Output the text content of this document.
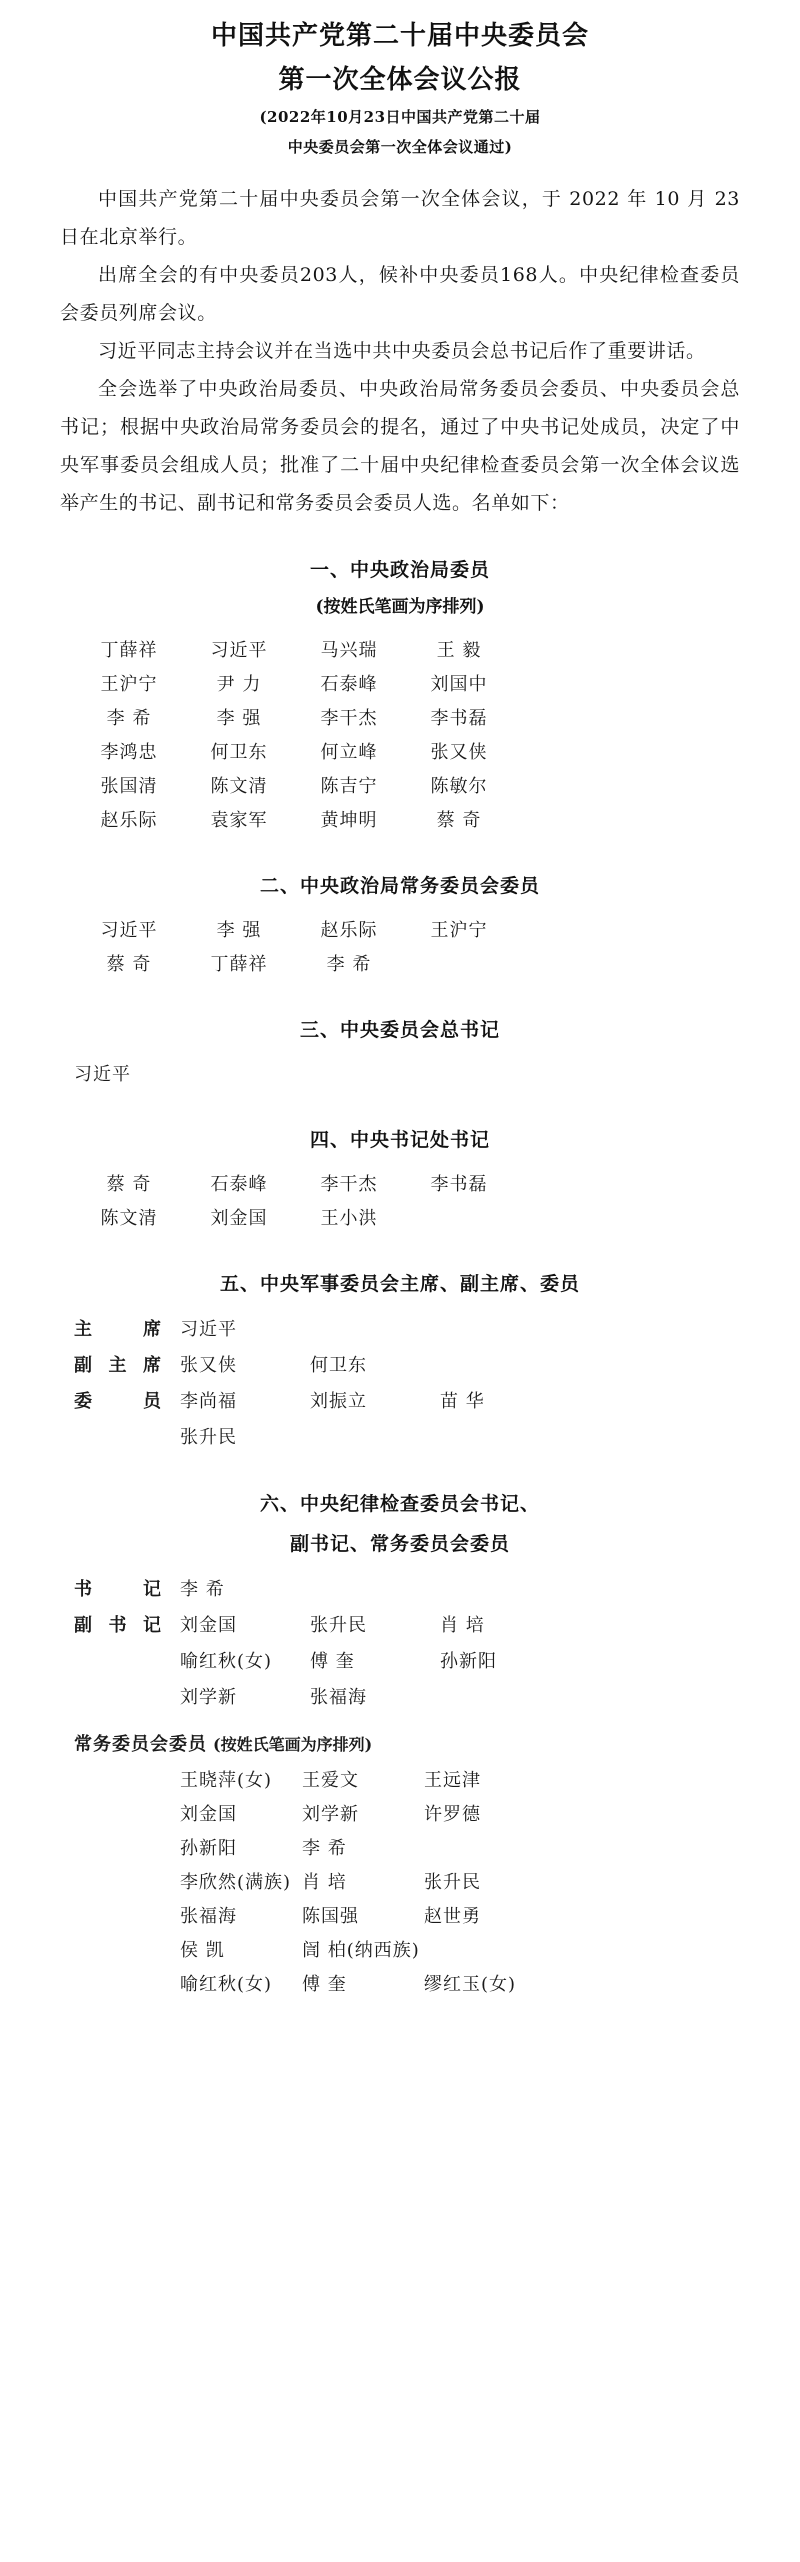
中国共产党第二十届中央委员会
第一次全体会议公报
(2022年10月23日中国共产党第二十届
中央委员会第一次全体会议通过)

中国共产党第二十届中央委员会第一次全体会议，于 2022 年 10 月 23 日在北京举行。

出席全会的有中央委员203人，候补中央委员168人。中央纪律检查委员会委员列席会议。

习近平同志主持会议并在当选中共中央委员会总书记后作了重要讲话。

全会选举了中央政治局委员、中央政治局常务委员会委员、中央委员会总书记；根据中央政治局常务委员会的提名，通过了中央书记处成员，决定了中央军事委员会组成人员；批准了二十届中央纪律检查委员会第一次全体会议选举产生的书记、副书记和常务委员会委员人选。名单如下：

一、中央政治局委员
(按姓氏笔画为序排列)
丁薛祥	习近平	马兴瑞	王 毅
王沪宁	尹 力	石泰峰	刘国中
李 希	李 强	李干杰	李书磊
李鸿忠	何卫东	何立峰	张又侠
张国清	陈文清	陈吉宁	陈敏尔
赵乐际	袁家军	黄坤明	蔡 奇
二、中央政治局常务委员会委员
习近平	李 强	赵乐际	王沪宁
蔡 奇	丁薛祥	李 希
三、中央委员会总书记
习近平
四、中央书记处书记
蔡 奇	石泰峰	李干杰	李书磊
陈文清	刘金国	王小洪
五、中央军事委员会主席、副主席、委员
主 席	习近平
副主席	张又侠	何卫东
委 员	李尚福	刘振立	苗 华
张升民
六、中央纪律检查委员会书记、
副书记、常务委员会委员
书 记	李 希
副书记	刘金国	张升民	肖 培
喻红秋(女)	傅 奎	孙新阳
刘学新	张福海
常务委员会委员 (按姓氏笔画为序排列)
王晓萍(女)	王爱文	王远津
刘金国	刘学新	许罗德
孙新阳	李 希
李欣然(满族) 肖 培	张升民
张福海	陈国强	赵世勇
侯 凯	訚 柏(纳西族)
喻红秋(女)	傅 奎	缪红玉(女)
